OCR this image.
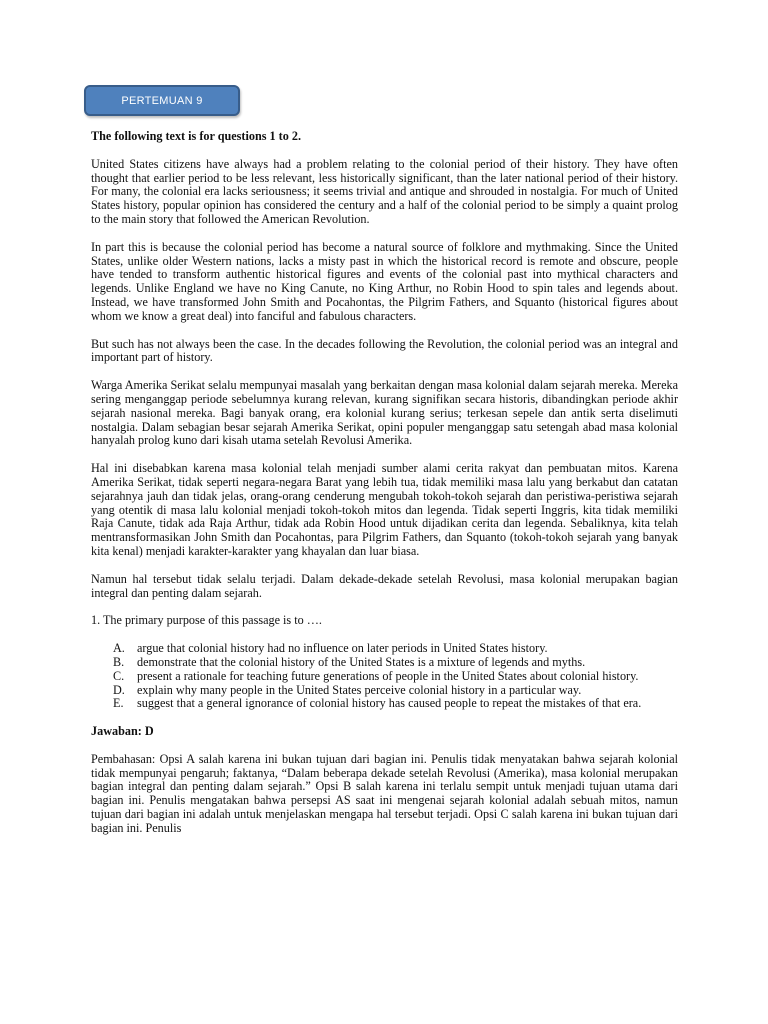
PERTEMUAN 9

The following text is for questions 1 to 2.

United States citizens have always had a problem relating to the colonial period of their history. They have often thought that earlier period to be less relevant, less historically significant, than the later national period of their history. For many, the colonial era lacks seriousness; it seems trivial and antique and shrouded in nostalgia. For much of United States history, popular opinion has considered the century and a half of the colonial period to be simply a quaint prolog to the main story that followed the American Revolution.

In part this is because the colonial period has become a natural source of folklore and mythmaking. Since the United States, unlike older Western nations, lacks a misty past in which the historical record is remote and obscure, people have tended to transform authentic historical figures and events of the colonial past into mythical characters and legends. Unlike England we have no King Canute, no King Arthur, no Robin Hood to spin tales and legends about. Instead, we have transformed John Smith and Pocahontas, the Pilgrim Fathers, and Squanto (historical figures about whom we know a great deal) into fanciful and fabulous characters.

But such has not always been the case. In the decades following the Revolution, the colonial period was an integral and important part of history.

Warga Amerika Serikat selalu mempunyai masalah yang berkaitan dengan masa kolonial dalam sejarah mereka. Mereka sering menganggap periode sebelumnya kurang relevan, kurang signifikan secara historis, dibandingkan periode akhir sejarah nasional mereka. Bagi banyak orang, era kolonial kurang serius; terkesan sepele dan antik serta diselimuti nostalgia. Dalam sebagian besar sejarah Amerika Serikat, opini populer menganggap satu setengah abad masa kolonial hanyalah prolog kuno dari kisah utama setelah Revolusi Amerika.

Hal ini disebabkan karena masa kolonial telah menjadi sumber alami cerita rakyat dan pembuatan mitos. Karena Amerika Serikat, tidak seperti negara-negara Barat yang lebih tua, tidak memiliki masa lalu yang berkabut dan catatan sejarahnya jauh dan tidak jelas, orang-orang cenderung mengubah tokoh-tokoh sejarah dan peristiwa-peristiwa sejarah yang otentik di masa lalu kolonial menjadi tokoh-tokoh mitos dan legenda. Tidak seperti Inggris, kita tidak memiliki Raja Canute, tidak ada Raja Arthur, tidak ada Robin Hood untuk dijadikan cerita dan legenda. Sebaliknya, kita telah mentransformasikan John Smith dan Pocahontas, para Pilgrim Fathers, dan Squanto (tokoh-tokoh sejarah yang banyak kita kenal) menjadi karakter-karakter yang khayalan dan luar biasa.

Namun hal tersebut tidak selalu terjadi. Dalam dekade-dekade setelah Revolusi, masa kolonial merupakan bagian integral dan penting dalam sejarah.

1. The primary purpose of this passage is to ….

A. argue that colonial history had no influence on later periods in United States history.
B.	demonstrate that the colonial history of the United States is a mixture of legends and myths.
C.	present a rationale for teaching future generations of people in the United States about colonial history.
D. explain why many people in the United States perceive colonial history in a particular way.
E.	suggest that a general ignorance of colonial history has caused people to repeat the mistakes of that era.

Jawaban: D

Pembahasan: Opsi A salah karena ini bukan tujuan dari bagian ini. Penulis tidak menyatakan bahwa sejarah kolonial tidak mempunyai pengaruh; faktanya, “Dalam beberapa dekade setelah Revolusi (Amerika), masa kolonial merupakan bagian integral dan penting dalam sejarah.” Opsi B salah karena ini terlalu sempit untuk menjadi tujuan utama dari bagian ini. Penulis mengatakan bahwa persepsi AS saat ini mengenai sejarah kolonial adalah sebuah mitos, namun tujuan dari bagian ini adalah untuk menjelaskan mengapa hal tersebut terjadi. Opsi C salah karena ini bukan tujuan dari bagian ini. Penulis
